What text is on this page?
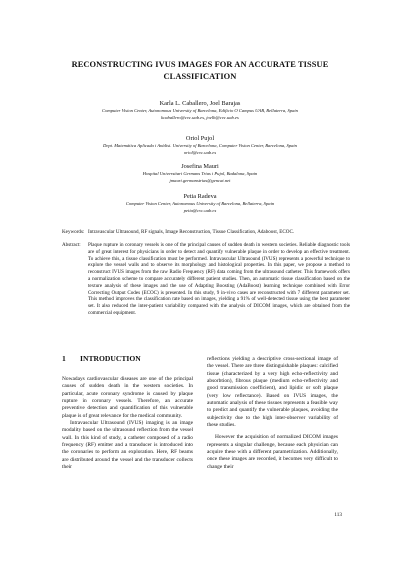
RECONSTRUCTING IVUS IMAGES FOR AN ACCURATE TISSUE
CLASSIFICATION
Karla L. Caballero, Joel Barajas
Computer Vision Center, Autonomous University of Barcelona, Edificio O Campus UAB, Bellaterra, Spain
kcaballero@cvc.uab.es, joelb@cvc.uab.es
Oriol Pujol
Dept. Matemàtica Aplicada i Anàlisi. University of Barcelona, Computer Vision Center, Barcelona, Spain
oriol@cvc.uab.es
Josefina Mauri
Hospital Universitari Germans Trias i Pujol, Badalona, Spain
jmauri.germanstrias@gencat.net
Petia Radeva
Computer Vision Center, Autonomous University of Barcelona, Bellaterra, Spain
petia@cvc.uab.es
Keywords: Intravascular Ultrasound, RF signals, Image Reconstruction, Tissue Classification, Adaboost, ECOC.
Abstract: Plaque rupture in coronary vessels is one of the principal causes of sudden death in western societies. Reliable diagnostic tools are of great interest for physicians in order to detect and quantify vulnerable plaque in order to develop an effective treatment. To achieve this, a tissue classification must be performed. Intravascular Ultrasound (IVUS) represents a powerful technique to explore the vessel walls and to observe its morphology and histological properties. In this paper, we propose a method to reconstruct IVUS images from the raw Radio Frequency (RF) data coming from the ultrasound catheter. This framework offers a normalization scheme to compare accurately different patient studies. Then, an automatic tissue classification based on the texture analysis of these images and the use of Adapting Boosting (AdaBoost) learning technique combined with Error Correcting Output Codes (ECOC) is presented. In this study, 9 in-vivo cases are reconstructed with 7 different parameter set. This method improves the classification rate based on images, yielding a 91% of well-detected tissue using the best parameter set. It also reduced the inter-patient variability compared with the analysis of DICOM images, which are obtained from the commercial equipment.
1 INTRODUCTION

Nowadays cardiovascular diseases are one of the principal causes of sudden death in the western societies. In particular, acute coronary syndrome is caused by plaque rupture in coronary vessels. Therefore, an accurate preventive detection and quantification of this vulnerable plaque is of great relevance for the medical community.

Intravascular Ultrasound (IVUS) imaging is an image modality based on the ultrasound reflection from the vessel wall. In this kind of study, a catheter composed of a radio frequency (RF) emitter and a transducer is introduced into the coronaries to perform an exploration. Here, RF beams are distributed around the vessel and the transducer collects their

reflections yielding a descriptive cross-sectional image of the vessel. There are three distinguishable plaques: calcified tissue (characterized by a very high echo-reflectivity and absorbtion), fibrous plaque (medium echo-reflectivity and good transmission coefficient), and lipidic or soft plaque (very low reflectance). Based on IVUS images, the automatic analysis of these tissues represents a feasible way to predict and quantify the vulnerable plaques, avoiding the subjectivity due to the high inter-observer variability of these studies.

However the acquisition of normalized DICOM images represents a singular challenge, because each physician can acquire these with a different parametrization. Additionally, once these images are recorded, it becomes very difficult to change their

113
